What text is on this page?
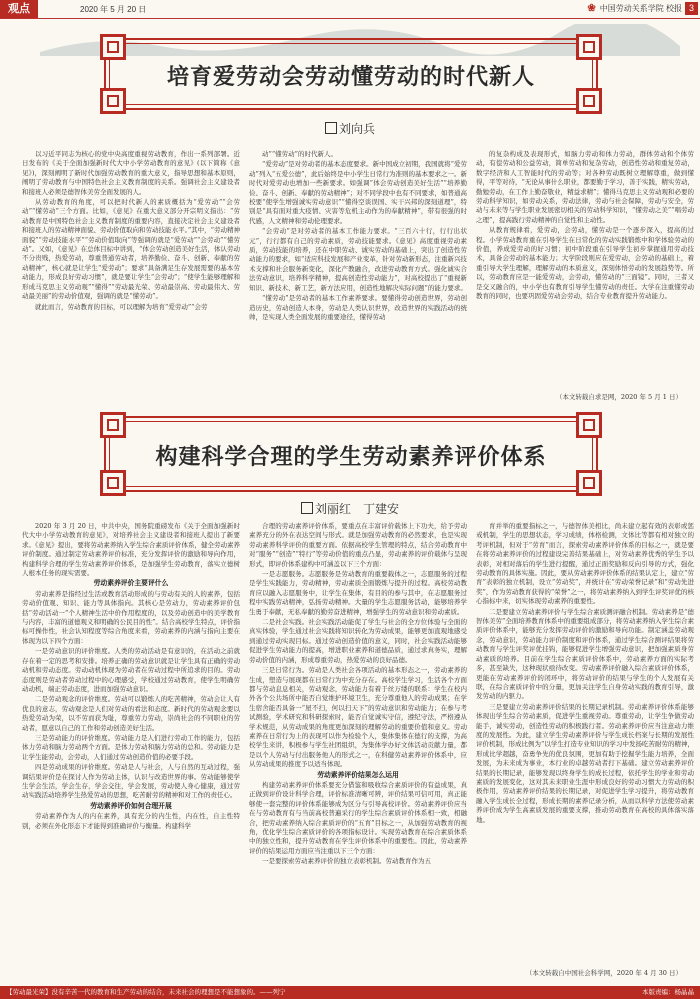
观点	2020 年 5 月 20 日	❀ 中国劳动关系学院 校报 3
培育爱劳动会劳动懂劳动的时代新人
刘向兵

以习近平同志为核心的党中央高度重视劳动教育，作出一系列部署。近日发布的《关于全面加强新时代大中小学劳动教育的意见》(以下简称《意见》)，深刻阐明了新时代加强劳动教育的重大意义，指导思想和基本原则，阐明了劳动教育与中国特色社会主义教育制度的关系。强调社会主义建设者和接班人必须是德智体美劳全面发展的人。

从劳动教育的角度，可以把时代新人的素质概括为“爱劳动”“会劳动”“懂劳动”三个方面。比如，《意见》在重大意义部分开宗明义指出：“劳动教育是中国特色社会主义教育制度的重要内容，直接决定社会主义建设者和接班人的劳动精神面貌、劳动价值取向和劳动技能水平。”其中，“劳动精神面貌”“劳动技能水平”“劳动价值取向”等强调的就是“爱劳动”“会劳动”“懂劳动”。又如，《意见》在总体目标中讲到，“体会劳动创造美好生活，体认劳动不分贵贱，热爱劳动，尊重普通劳动者，培养勤俭、奋斗、创新、奉献的劳动精神”，核心就是让学生“爱劳动”；要求“具备满足生存发展需要的基本劳动能力，形成良好劳动习惯”，就是要让学生“会劳动”；“使学生能够理解和形成马克思主义劳动观”“懂得”“劳动最光荣、劳动最崇高、劳动最伟大、劳动最美丽”的劳动价值观，强调的就是“懂劳动”。

就此而言，劳动教育的目标，可以理解为培育“爱劳动”“会劳

动”“懂劳动”的时代新人。

“爱劳动”是对劳动者的基本态度要求。新中国成立初期，我国就将“爱劳动”列入“五爱公德”，此后始终是中小学生日常行为准则的基本要求之一。新时代对爱劳动也增加一些新要求。如强调“体会劳动创造美好生活”“培养勤俭、奋斗、创新、奉献的劳动精神”；对不同学段中也有不同要求，如普通高校要“使学生增强诚实劳动意识”“懂得空谈误国、实干兴邦的深刻道理”，特别是“具有面对重大疫情、灾害等危机主动作为的奉献精神”，带有很强的时代感，人文精神和劳动伦理要求。

“会劳动”是对劳动者的基本工作能力要求。“三百六十行，行行出状元”，行行都有自己的劳动素质，劳动技能要求。《意见》高度重视劳动素质，劳动技能的培养，还在中职劳动、诚实劳动的基础上，突出了创造性劳动能力的要求，如“适应科技发展和产业变革，针对劳动新形态，注重新兴技术支撑和社会服务新变化，深化产教融合，改进劳动教育方式。强化诚实合法劳动意识，培养科学精神，提高创造性劳动能力”，对高校提出了“重视新知识、新技术、新工艺，新方法应用，创造性地解决实际问题”的能力要求。

“懂劳动”是劳动者的基本工作素养要求。要懂得劳动创造世界，劳动创造历史，劳动创造人本身，劳动是人类认识世界，改造世界的实践活动的统帅，是实现人类全面发展的重要途径，懂得劳动

的复杂构成及表现形式，如脑力劳动和体力劳动，群体劳动和个体劳动，有偿劳动和公益劳动，简单劳动和复杂劳动，创造性劳动和重复劳动，数字经济和人工智能时代的劳动等；对各种劳动既树立理解尊重，做到懂得，平等对待，“无论从事什么职业，都要勤于学习，善于实践，精实劳动，勤勉劳动，在工作上勤奋敬业，精益求精”；懂得马克思主义劳动观和必要的劳动科学知识，如劳动关系，劳动法律，劳动与社会保障，劳动与安全，劳动与未来等与学生职业发展密切相关的劳动科学知识，“懂劳动之美”“唱劳动之理”，提高践行劳动精神的自觉性和主动性。

从教育规律看，爱劳动，会劳动，懂劳动是一个逐步深入，提高的过程。小学劳动教育重在引导学生在日常化的劳动实践锻炼中和学体验劳动的价值，养成爱劳动的好习惯；初中阶段重在引导学生初步掌握通用劳动技术，具备会劳动的基本能力；大学阶段则应在爱劳动，会劳动的基础上，着重引导大学生理解，理解劳动的本质意义，深刻体悟劳动的发展趋势等。所以，劳动教育应是一能爱劳动，会劳动，懂劳动的“三面镜”。同时，三者又是交又融合的，中小学也有教育引导学生懂劳动的责任。大学在注重懂劳动教育的同时，也要巩固爱劳动会劳动，结合专业教育提升劳动能力。

（本文转载自求是网，2020 年 5 月 1 日）
构建科学合理的学生劳动素养评价体系
刘丽红　丁建安

2020 年 3 月 20 日，中共中央，国务院重磅发布《关于全面加强新时代大中小学劳动教育的意见》，对培养社会主义建设者和接班人提出了新要求。《意见》提出，要将劳动素养纳入学生综合素质评价体系，健全劳动素养评价制度。通过制定劳动素养评价标准，充分发挥评价的激励和导向作用，构建科学合理的学生劳动素养评价体系，是加强学生劳动教育，落实立德树人根本任务的现实需要。

劳动素养评价主要评什么

劳动素养是指经过生活或教育活动形成的与劳动有关的人的素养，包括劳动价值观、知识、能力等具体指向。其核心是劳动力，劳动素养评价包括“劳动活动一”个人精神生活中价作用程度的，以及劳动创造中的美学教育与内容，丰富的道德观义和明确的公民目的性”。结合高校学生特点，评价指标可操作性，社会认知程度等综合角度来看，劳动素养的内涵与指向主要在体现为以下四个方面：

一是劳动意识的评价维度。人类的劳动活动是有意识的，在活动之前就存在着一定的思考和安排。培养正确的劳动意识就是让学生具有正确的劳动动机和劳动态度。劳动动机体现为劳动者在劳动过程中所追求的目的。劳动态度则是劳动者劳动过程中的心理感受，学校通过劳动教育，使学生明确劳动动机，端正劳动态度，进而加强劳动意识。

二是劳动观念的评价维度。劳动可以锻炼人的吃苦精神，劳动会让人有优良的意志，劳动观念是人们对劳动的看法和态度。新时代的劳动观念要以热爱劳动为荣，以不劳而获为耻，尊重劳力劳动，崇尚社会的不同职业的劳动者，愿意以自己的工作和劳动创造美好生活。

三是劳动能力的评价维度。劳动能力是人们进行劳动工作的能力，包括体力劳动和脑力劳动两个方面。是体力劳动和脑力劳动的总和。劳动能力是让学生能劳动，会劳动，人们通过劳动创造价值的必要手段。

四是劳动成果的评价维度。劳动是人与社会，人与自然的互动过程，强调结果评价是在探讨人作为劳动主体，认识与改造世界的事。劳动能够使学生学会生活，学会生存，学会交往，学会发展，劳动使人身心健康，通过劳动实践活动培养学生热爱劳动的思想，吃苦耐劳的精神和对工作的责任心。

劳动素养评价如何合理开展

劳动素养作为人的内在素养，具有充分的内生性，内在性，自主性特别，必须在外化形态下才能得到准确评价与衡量。构建科学

合理的劳动素养评价体系，要重点在丰富评价载体上下功夫，给予劳动素养充分的外在表达空间与形式。就是加强劳动教育的必然要求，也是实现劳动素养科学评价的重要方面。依据高校学生管理的特点，结合劳动教育中对“服务”“创造”“特行”等劳动价值的重点凸显，劳动素养的评价载体与呈现形式，即评价体系建构中可涵盖以下三个方面：

一是志愿服务。志愿服务是劳动教育的重要载体之一，志愿服务的过程是学生实践能力，劳动精神，劳动素质全面锻炼与提升的过程。高校劳动教育应以融入志愿服务中，让学生在集体，有目的的参与其中，在志愿服务过程中实践劳动精神，弘扬劳动精神。大量的学生志愿服务活动，能够培养学生勇于奉献，无私奉献的勤劳奋进精神，增强学生的劳动意识和劳动素质。

二是社会实践。社会实践活动能促了学生与社会的全方位体验与全面的真实体验，学生通过社会实践将知识转化为劳动成果，能够更加直观地感受到通过劳动实现目标。通过劳动创造价值的意义，同时，社会实践活动能够促进学生劳动能力的提高，增进职业素养和道德品质，通过求真务实，理解劳动价值的内涵，形成尊重劳动，热爱劳动的良好品德。

三是日常行为。劳动是人类社会各项活动的基本形态之一，劳动素养的生成，塑造与展现都在日常行为中充分存在。高校学生学习，生活各个方面都与劳动息息相关，劳动观念，劳动能力有着于丝万缕的联系：学生在校内外各个公共场所中能否自觉维护环境卫生，充分尊重他人的劳动成果；在学生宿舍能否具备一“屋不扫，何以扫天下”的劳动意识和劳动能力；在参与考试测验，学术研究和科研探索时，能否自觉诚实守信，遵纪守法，严格遵从学术规范，从劳动成果的角度更加深刻的理解劳动的重要价值和意义。劳动素养在日常行为上的表现可以作为检验个人，集体集体在德行的支撑，为高校学生来讲，积极参与学生社团组织，为集体学办好文体活动贡献力量，都是以个人劳动与付出服务他人的形式之一，在科健劳动素养评价体系中，应从劳动成果的推度予以适当体现。

劳动素养评价结果怎么运用

构建劳动素养评价体系要充分借鉴和吸收综合素质评价的有益成果，真正做到评价设计科学合理，评价标准清晰可辨，评价结果可信可用，真正能够使一套完整的评价体系能够成为区分与引导高校评价。劳动素养评价应当在与劳动教育有与当前高校普遍采行的学生综合素质评价体系相一致，相融合，把劳动素养纳入综合素质评价的“五育”目标之一，从加强劳动教育的视角，优化学生综合素质评价的各项指标设计。实现劳动教育在综合素质体系中的独立性和，提升劳动教育在学生评价体系中的重要性。因此，劳动素养评价的结果运用方面应当注重以下三个方面：

一是要探索劳动素养评价的独立表彰机制。劳动教育作为五

育并举的重要指标之一，与德智体美相比，尚未建立起有效的表彰或惩戒机制，学生的思想状态，学习成绩，体格检测，文体比等都有相对独立的考评机制，但对于“劳育”而言，探索劳动素养评价体系的目标之一，就是要在将劳动素养评价的过程建设完善结果基础上，对劳动素养优秀的学生予以表彰，对相对落后的学生进行提醒，通过正面奖励和反向引导的方式，强化劳动教育的具体实施。因此，要从劳动素养评价体系的结果认定上，建立“劳育”表彰的独立机制，设立“劳动奖”，并统计在“劳动荣誉记录”和“劳动先进奖”，作为劳动教育获得的“荣誉”之一，将劳动素养纳入到学生评奖评优的核心指标中来，切实体现劳动素养的重要性。

二是要建立劳动素养评价与学生综合素质测评融合机制。劳动素养是“德智体美劳”全面培养教育体系中的重要组成部分，将劳动素养纳入学生综合素质评价体系中，能够充分发挥劳动评价的激励和导向功能。制定涵盖劳动观念，劳动意识，劳动能力评价制度和评价体系，通过学生综合测评结果将劳动教育与学生评奖评优挂钩，能够促进学生增强劳动意识，把加强素质身劳动素质的培养。目前在学生综合素质评价体系中，劳动素养方面的实际考多，甚至缺失，这种现状亟待改变。劳动素养评价融入综合素质评价体系，更能在劳动素养评价的闭环中，将劳动评价的结果与学生的个人发展有关联，在综合素质评价中的分量，更加关注学生自身劳动实践的教育引导，激发劳动的内驱力。

三是要建立劳动素养评价结果的长期记录机制。劳动素养评价体系能够体现出学生综合劳动素质，促进学生重视劳动。尊重劳动，让学生争做劳动能手，诚实劳动，创造性劳动的积极践行者。劳动素养评价应当注意动力维度的发展性。为此，建立学生劳动素养评价与学生成长档案与长期的发展性评价机制，形成比例为“以学生打造专业知识的学习中发扬吃苦耐劳的精神，形成比学超越，奋勇争先的优良氛围，更加有助于挖掘学生能力培养，全面发展，为未来成为事业，本行业的卓越劳动者打下基础。建立劳动素养评价结果的长期记录，能够发现以终身学生的成长过程，依托学生的学业和劳动素质的发展变化，这对其未来职业生涯中形成良好的劳动习惯大力劳动的积极作用，劳动素养评价结果的长期记录，对促进学生学习提升，将劳动教育融入学生成长全过程，形成长期的素养记录分析，从而以科学方法使劳动素养评价成为学生高素质发展的重要支撑，推动劳动教育在高校的具体落实落地。

（本文转载自中国社会科学网，2020 年 4 月 30 日）
【劳动最光荣】没有辛苦一代的教育和生产劳动的结合，未来社会的理想是不能想象的。——列宁	本版责编：杨晶晶
